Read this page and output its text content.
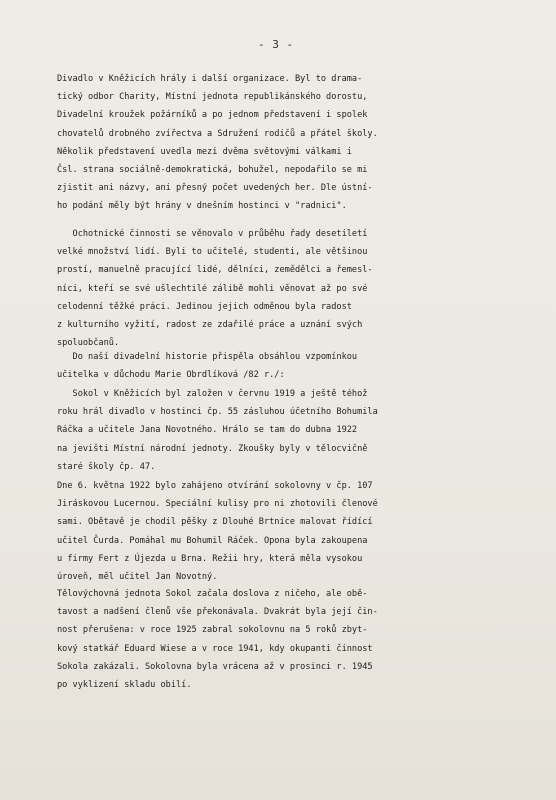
- 3 -
Divadlo v Kněžicích hrály i další organizace. Byl to drama-
tický odbor Charity, Místní jednota republikánského dorostu,
Divadelní kroužek požárníků a po jednom představení i spolek
chovatelů drobného zvířectva a Sdružení rodičů a přátel školy.
Několik představení uvedla mezi dvěma světovými válkami i
Čsl. strana sociálně-demokratická, bohužel, nepodařilo se mi
zjistit ani názvy, ani přesný počet uvedených her. Dle ústní-
ho podání měly být hrány v dnešním hostinci v "radnici".
Ochotnické činnosti se věnovalo v průběhu řady desetiletí
velké množství lidí. Byli to učitelé, studenti, ale většinou
prostí, manuelně pracující lidé, dělníci, zemědělci a řemesl-
níci, kteří se své ušlechtilé zálibě mohli věnovat až po své
celodenní těžké práci. Jedinou jejich odměnou byla radost
z kulturního vyžití, radost ze zdařilé práce a uznání svých
spoluobčanů.
Do naší divadelní historie přispěla obsáhlou vzpomínkou
učitelka v důchodu Marie Obrdlíková /82 r./:
Sokol v Kněžicích byl založen v červnu 1919 a ještě téhož
roku hrál divadlo v hostinci čp. 55 zásluhou účetního Bohumila
Ráčka a učitele Jana Novotného. Hrálo se tam do dubna 1922
na jevišti Místní národní jednoty. Zkoušky byly v tělocvičně
staré školy čp. 47.
Dne 6. května 1922 bylo zahájeno otvírání sokolovny v čp. 107
Jiráskovou Lucernou. Speciální kulisy pro ni zhotovili členové
sami. Obětavě je chodil pěšky z Dlouhé Brtnice malovat řídící
učitel Čurda. Pomáhal mu Bohumil Ráček. Opona byla zakoupena
u firmy Fert z Újezda u Brna. Režii hry, která měla vysokou
úroveň, měl učitel Jan Novotný.
Tělovýchovná jednota Sokol začala doslova z ničeho, ale obě-
tavost a nadšení členů vše překonávala. Dvakrát byla její čin-
nost přerušena: v roce 1925 zabral sokolovnu na 5 roků zbyt-
kový statkář Eduard Wiese a v roce 1941, kdy okupanti činnost
Sokola zakázali. Sokolovna byla vrácena až v prosinci r. 1945
po vyklizení skladu obilí.
